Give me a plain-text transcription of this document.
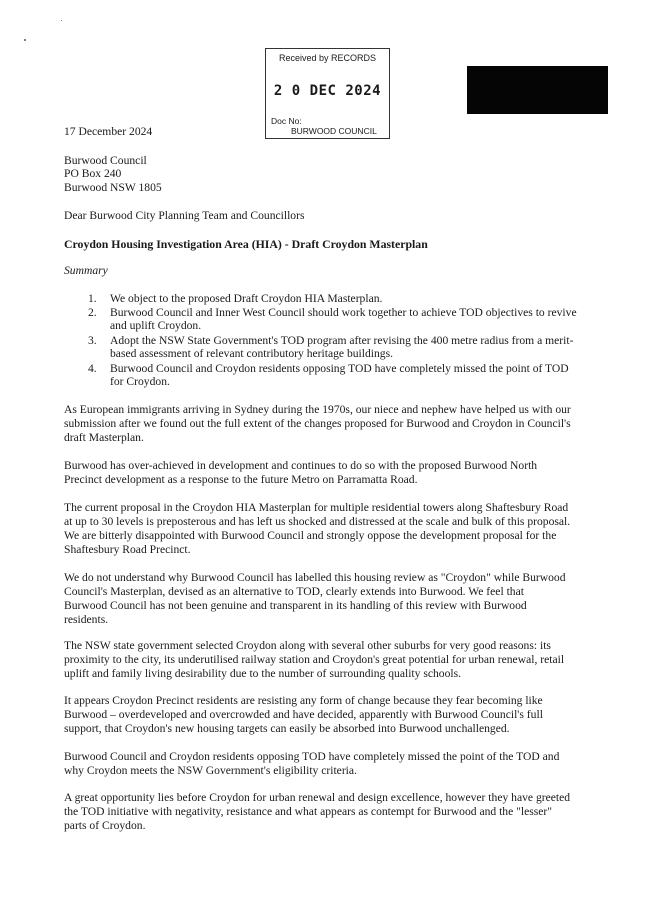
Received by RECORDS
2 0 DEC 2024
Doc No:
BURWOOD COUNCIL
17 December 2024
Burwood Council
PO Box 240
Burwood NSW 1805
Dear Burwood City Planning Team and Councillors
Croydon Housing Investigation Area (HIA) - Draft Croydon Masterplan
Summary
1. We object to the proposed Draft Croydon HIA Masterplan.
2. Burwood Council and Inner West Council should work together to achieve TOD objectives to revive
and uplift Croydon.
3. Adopt the NSW State Government's TOD program after revising the 400 metre radius from a merit-
based assessment of relevant contributory heritage buildings.
4. Burwood Council and Croydon residents opposing TOD have completely missed the point of TOD
for Croydon.
As European immigrants arriving in Sydney during the 1970s, our niece and nephew have helped us with our
submission after we found out the full extent of the changes proposed for Burwood and Croydon in Council's
draft Masterplan.
Burwood has over-achieved in development and continues to do so with the proposed Burwood North
Precinct development as a response to the future Metro on Parramatta Road.
The current proposal in the Croydon HIA Masterplan for multiple residential towers along Shaftesbury Road
at up to 30 levels is preposterous and has left us shocked and distressed at the scale and bulk of this proposal.
We are bitterly disappointed with Burwood Council and strongly oppose the development proposal for the
Shaftesbury Road Precinct.
We do not understand why Burwood Council has labelled this housing review as "Croydon" while Burwood
Council's Masterplan, devised as an alternative to TOD, clearly extends into Burwood. We feel that
Burwood Council has not been genuine and transparent in its handling of this review with Burwood
residents.
The NSW state government selected Croydon along with several other suburbs for very good reasons: its
proximity to the city, its underutilised railway station and Croydon's great potential for urban renewal, retail
uplift and family living desirability due to the number of surrounding quality schools.
It appears Croydon Precinct residents are resisting any form of change because they fear becoming like
Burwood – overdeveloped and overcrowded and have decided, apparently with Burwood Council's full
support, that Croydon's new housing targets can easily be absorbed into Burwood unchallenged.
Burwood Council and Croydon residents opposing TOD have completely missed the point of the TOD and
why Croydon meets the NSW Government's eligibility criteria.
A great opportunity lies before Croydon for urban renewal and design excellence, however they have greeted
the TOD initiative with negativity, resistance and what appears as contempt for Burwood and the "lesser"
parts of Croydon.
